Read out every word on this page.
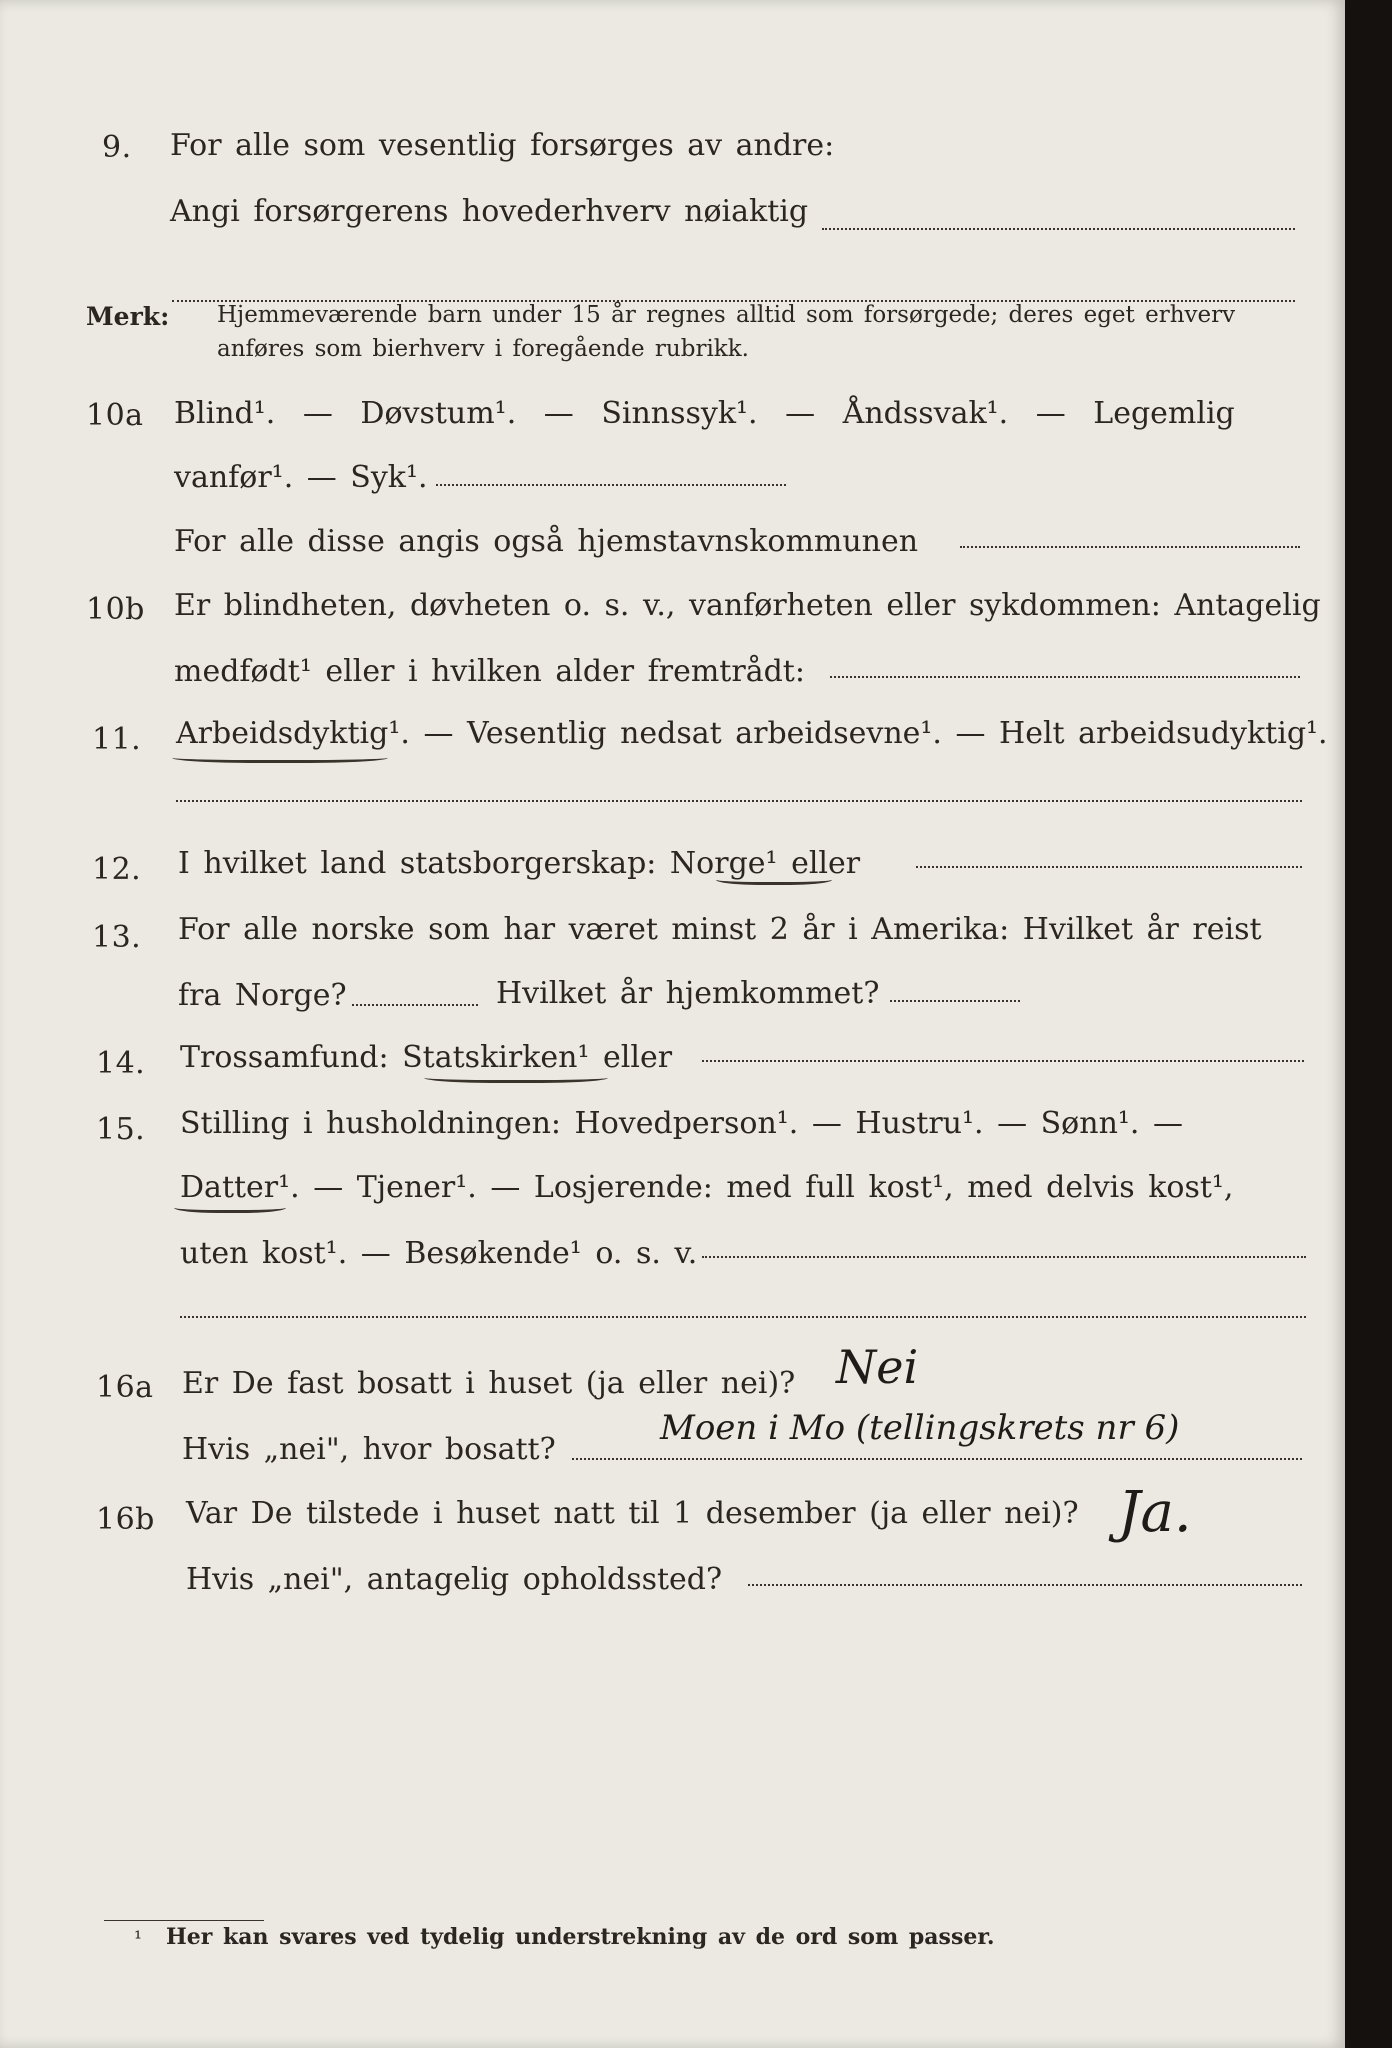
9. For alle som vesentlig forsørges av andre:
Angi forsørgerens hovederhverv nøiaktig
Merk: Hjemmeværende barn under 15 år regnes alltid som forsørgede; deres eget erhverv
anføres som bierhverv i foregående rubrikk.
10a Blind¹. — Døvstum¹. — Sinnssyk¹. — Åndssvak¹. — Legemlig
vanfør¹. — Syk¹.
For alle disse angis også hjemstavnskommunen
10b Er blindheten, døvheten o. s. v., vanførheten eller sykdommen: Antagelig
medfødt¹ eller i hvilken alder fremtrådt:
11. Arbeidsdyktig¹. — Vesentlig nedsat arbeidsevne¹. — Helt arbeidsudyktig¹.
12. I hvilket land statsborgerskap: Norge¹ eller
13. For alle norske som har været minst 2 år i Amerika: Hvilket år reist
fra Norge?	Hvilket år hjemkommet?
14. Trossamfund: Statskirken¹ eller
15. Stilling i husholdningen: Hovedperson¹. — Hustru¹. — Sønn¹. —
Datter¹. — Tjener¹. — Losjerende: med full kost¹, med delvis kost¹,
uten kost¹. — Besøkende¹ o. s. v.
16a Er De fast bosatt i huset (ja eller nei)? Nei
Hvis „nei", hvor bosatt?
Moen i Mo (tellingskrets nr 6)
16b Var De tilstede i huset natt til 1 desember (ja eller nei)? Ja.
Hvis „nei", antagelig opholdssted?
¹ Her kan svares ved tydelig understrekning av de ord som passer.
